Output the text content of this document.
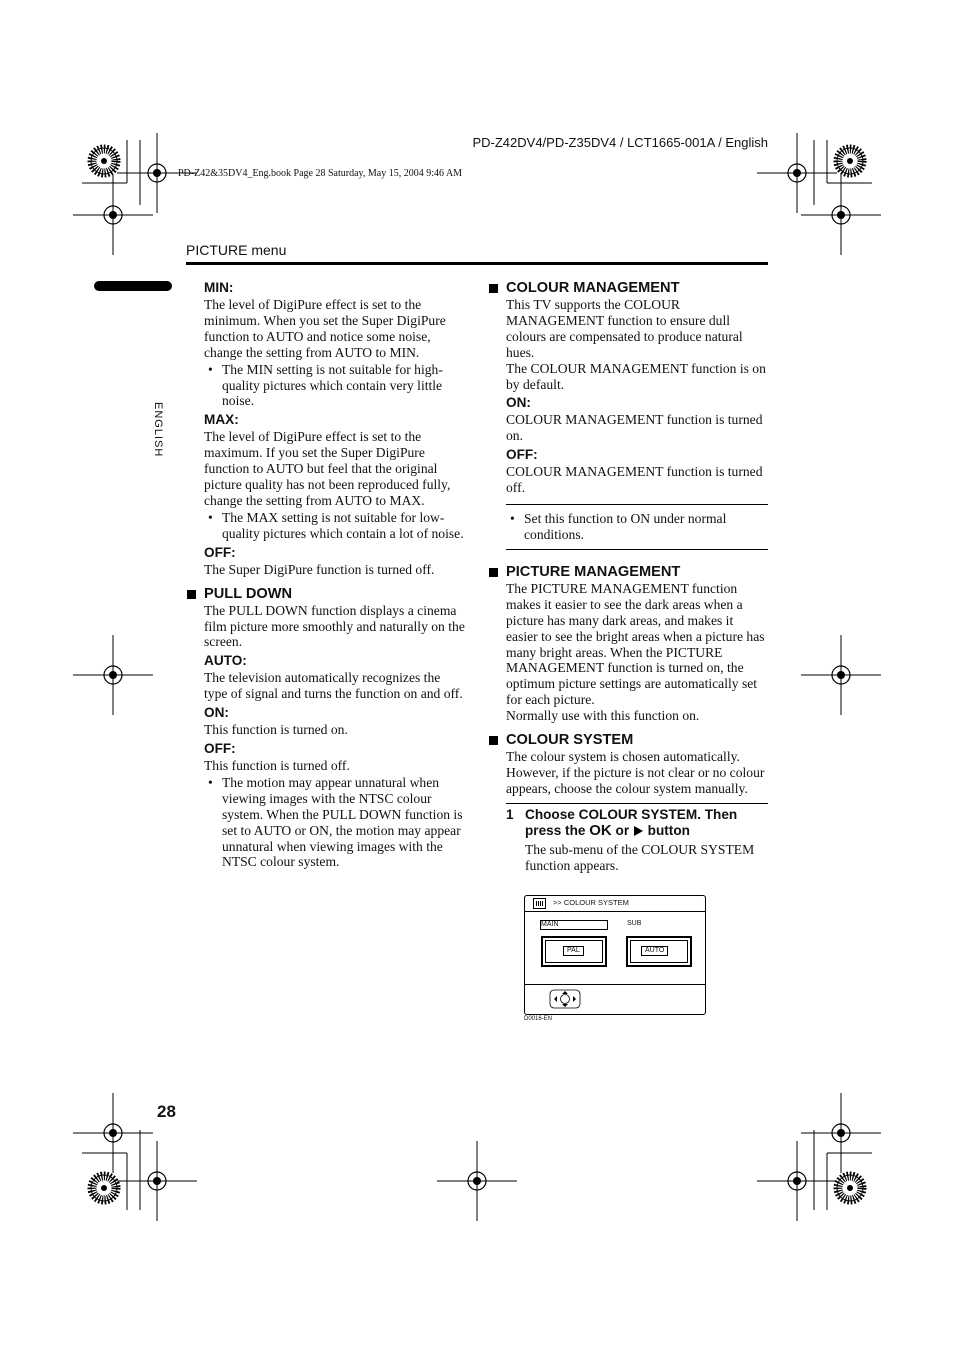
PD-Z42DV4/PD-Z35DV4 / LCT1665-001A / English
PD-Z42&35DV4_Eng.book Page 28 Saturday, May 15, 2004 9:46 AM
PICTURE menu
ENGLISH
28
MIN:
The level of DigiPure effect is set to the minimum. When you set the Super DigiPure function to AUTO and notice some noise, change the setting from AUTO to MIN.
• The MIN setting is not suitable for high-quality pictures which contain very little noise.
MAX:
The level of DigiPure effect is set to the maximum. If you set the Super DigiPure function to AUTO but feel that the original picture quality has not been reproduced fully, change the setting from AUTO to MAX.
• The MAX setting is not suitable for low-quality pictures which contain a lot of noise.
OFF:
The Super DigiPure function is turned off.
PULL DOWN
The PULL DOWN function displays a cinema film picture more smoothly and naturally on the screen.
AUTO:
The television automatically recognizes the type of signal and turns the function on and off.
ON:
This function is turned on.
OFF:
This function is turned off.
• The motion may appear unnatural when viewing images with the NTSC colour system. When the PULL DOWN function is set to AUTO or ON, the motion may appear unnatural when viewing images with the NTSC colour system.
COLOUR MANAGEMENT
This TV supports the COLOUR MANAGEMENT function to ensure dull colours are compensated to produce natural hues.
The COLOUR MANAGEMENT function is on by default.
ON:
COLOUR MANAGEMENT function is turned on.
OFF:
COLOUR MANAGEMENT function is turned off.
• Set this function to ON under normal conditions.
PICTURE MANAGEMENT
The PICTURE MANAGEMENT function makes it easier to see the dark areas when a picture has many dark areas, and makes it easier to see the bright areas when a picture has many bright areas. When the PICTURE MANAGEMENT function is turned on, the optimum picture settings are automatically set for each picture.
Normally use with this function on.
COLOUR SYSTEM
The colour system is chosen automatically. However, if the picture is not clear or no colour appears, choose the colour system manually.
1 Choose COLOUR SYSTEM. Then press the OK or button
The sub-menu of the COLOUR SYSTEM function appears.
>> COLOUR SYSTEM
MAIN	SUB
PAL	AUTO
D0016-EN
